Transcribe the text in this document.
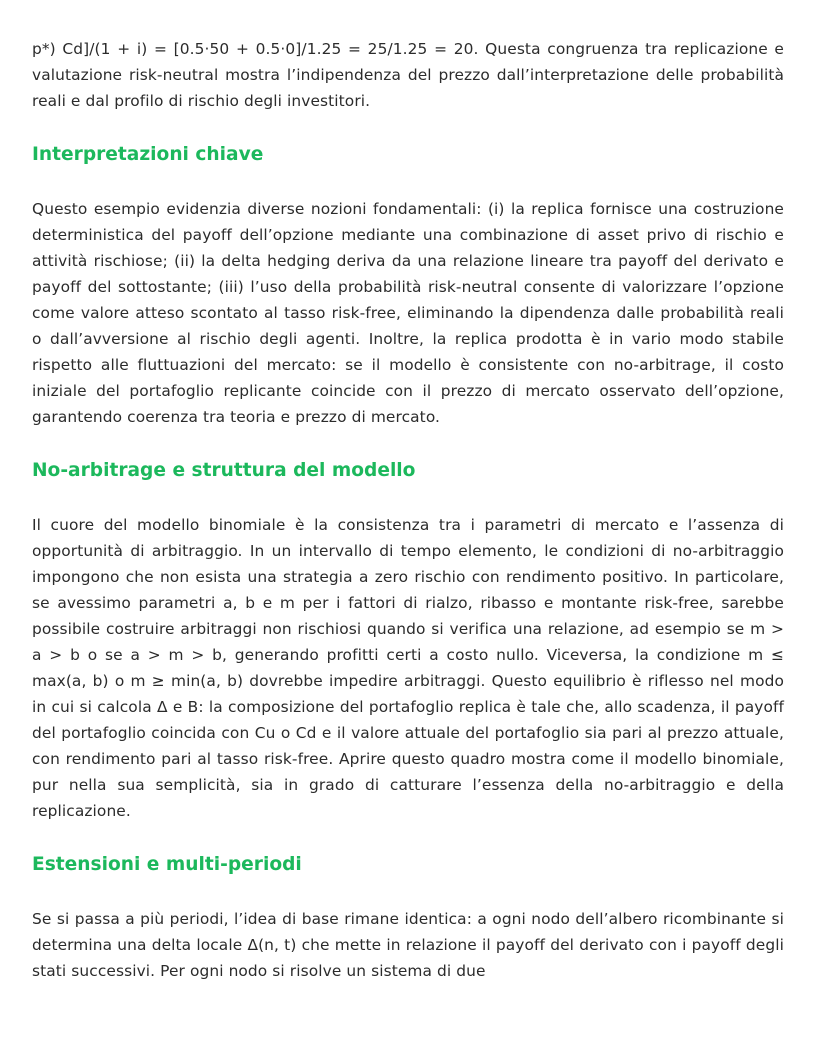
p*) Cd]/(1 + i) = [0.5·50 + 0.5·0]/1.25 = 25/1.25 = 20. Questa congruenza tra replicazione e valutazione risk-neutral mostra l’indipendenza del prezzo dall’interpretazione delle probabilità reali e dal profilo di rischio degli investitori.

Interpretazioni chiave

Questo esempio evidenzia diverse nozioni fondamentali: (i) la replica fornisce una costruzione deterministica del payoff dell’opzione mediante una combinazione di asset privo di rischio e attività rischiose; (ii) la delta hedging deriva da una relazione lineare tra payoff del derivato e payoff del sottostante; (iii) l’uso della probabilità risk-neutral consente di valorizzare l’opzione come valore atteso scontato al tasso risk-free, eliminando la dipendenza dalle probabilità reali o dall’avversione al rischio degli agenti. Inoltre, la replica prodotta è in vario modo stabile rispetto alle fluttuazioni del mercato: se il modello è consistente con no-arbitrage, il costo iniziale del portafoglio replicante coincide con il prezzo di mercato osservato dell’opzione, garantendo coerenza tra teoria e prezzo di mercato.

No-arbitrage e struttura del modello

Il cuore del modello binomiale è la consistenza tra i parametri di mercato e l’assenza di opportunità di arbitraggio. In un intervallo di tempo elemento, le condizioni di no-arbitraggio impongono che non esista una strategia a zero rischio con rendimento positivo. In particolare, se avessimo parametri a, b e m per i fattori di rialzo, ribasso e montante risk-free, sarebbe possibile costruire arbitraggi non rischiosi quando si verifica una relazione, ad esempio se m > a > b o se a > m > b, generando profitti certi a costo nullo. Viceversa, la condizione m ≤ max(a, b) o m ≥ min(a, b) dovrebbe impedire arbitraggi. Questo equilibrio è riflesso nel modo in cui si calcola Δ e B: la composizione del portafoglio replica è tale che, allo scadenza, il payoff del portafoglio coincida con Cu o Cd e il valore attuale del portafoglio sia pari al prezzo attuale, con rendimento pari al tasso risk-free. Aprire questo quadro mostra come il modello binomiale, pur nella sua semplicità, sia in grado di catturare l’essenza della no-arbitraggio e della replicazione.

Estensioni e multi-periodi

Se si passa a più periodi, l’idea di base rimane identica: a ogni nodo dell’albero ricombinante si determina una delta locale Δ(n, t) che mette in relazione il payoff del derivato con i payoff degli stati successivi. Per ogni nodo si risolve un sistema di due
